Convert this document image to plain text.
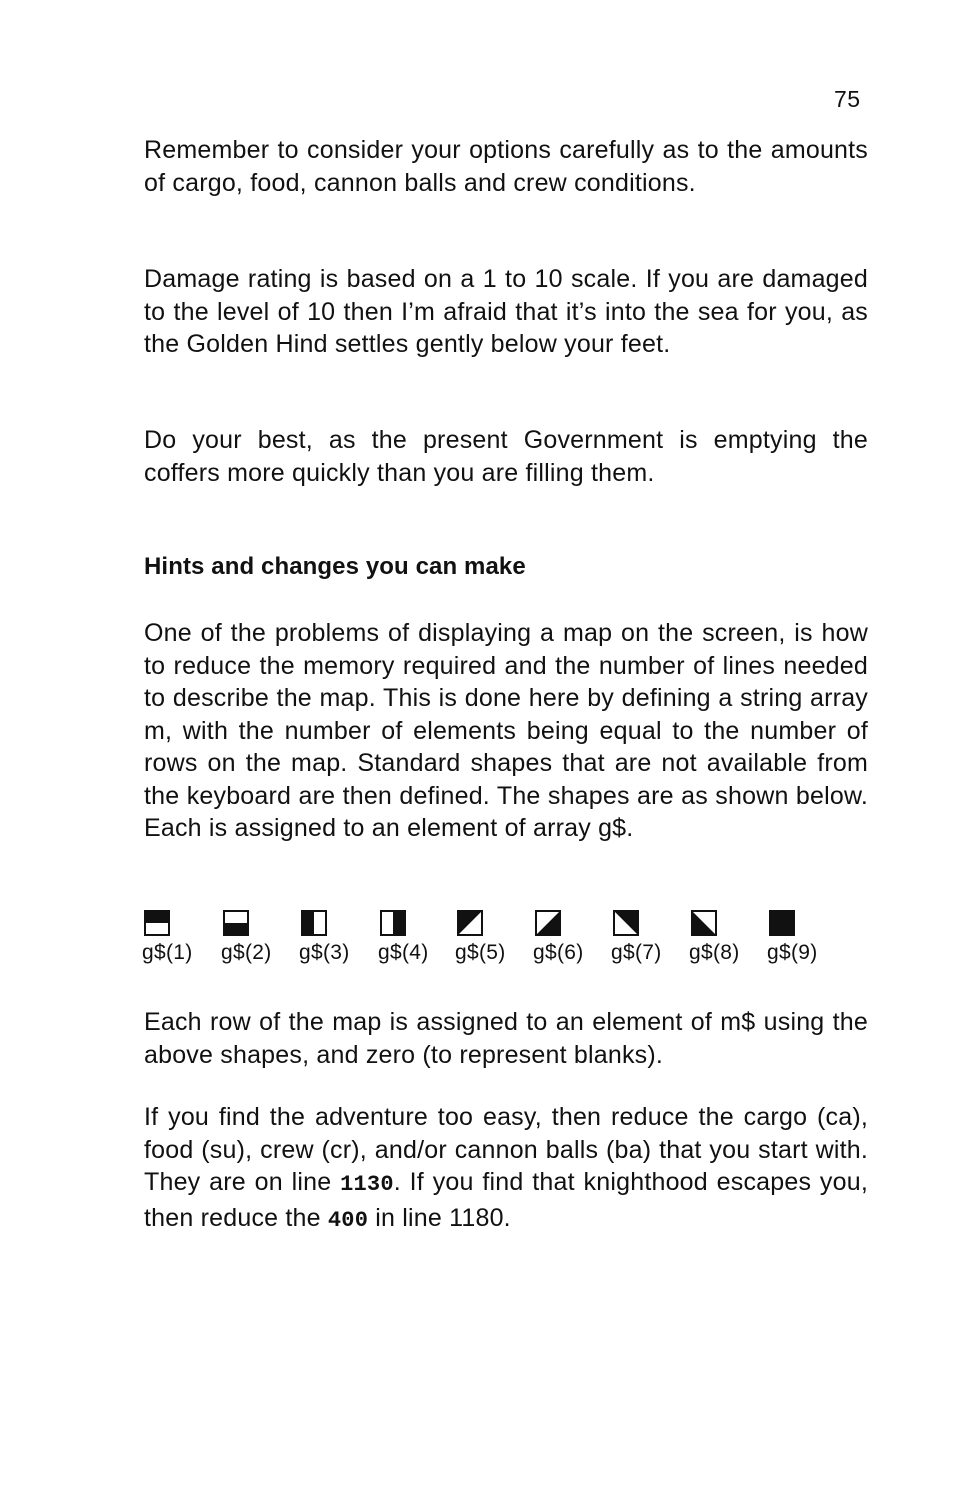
75

Remember to consider your options carefully as to the amounts of cargo, food, cannon balls and crew conditions.

Damage rating is based on a 1 to 10 scale. If you are damaged to the level of 10 then I’m afraid that it’s into the sea for you, as the Golden Hind settles gently below your feet.

Do your best, as the present Government is emptying the coffers more quickly than you are filling them.

Hints and changes you can make

One of the problems of displaying a map on the screen, is how to reduce the memory required and the number of lines needed to describe the map. This is done here by defining a string array m, with the number of elements being equal to the number of rows on the map. Standard shapes that are not available from the keyboard are then defined. The shapes are as shown below. Each is assigned to an element of array g$.

g$(1)	g$(2)	g$(3)	g$(4)	g$(5)	g$(6)	g$(7)	g$(8)	g$(9)

Each row of the map is assigned to an element of m$ using the above shapes, and zero (to represent blanks).

If you find the adventure too easy, then reduce the cargo (ca), food (su), crew (cr), and/or cannon balls (ba) that you start with. They are on line 1130. If you find that knighthood escapes you, then reduce the 400 in line 1180.
